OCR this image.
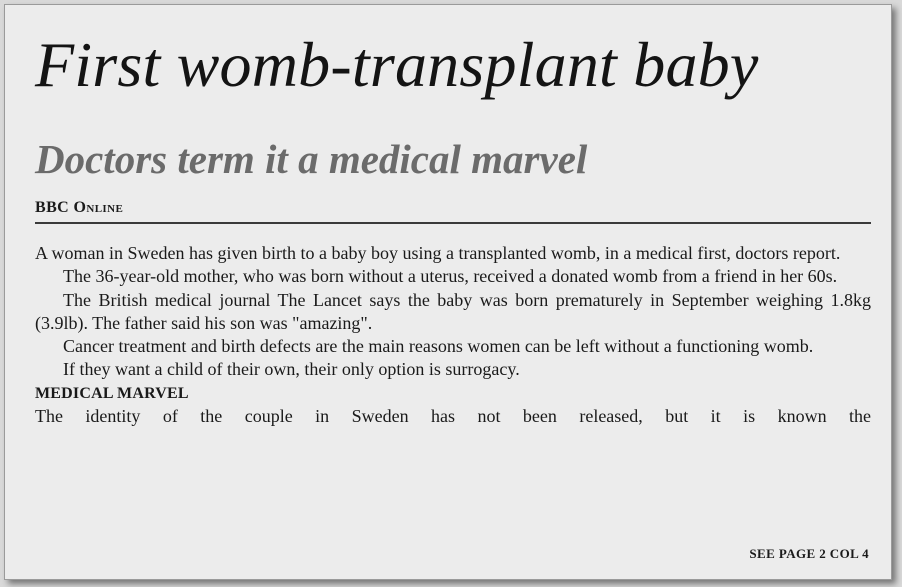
First womb-transplant baby
Doctors term it a medical marvel
BBC Online

A woman in Sweden has given birth to a baby boy using a transplanted womb, in a medical first, doctors report.

The 36-year-old mother, who was born without a uterus, received a donated womb from a friend in her 60s.

The British medical journal The Lancet says the baby was born prematurely in September weighing 1.8kg (3.9lb). The father said his son was "amazing".

Cancer treatment and birth defects are the main reasons women can be left without a functioning womb.

If they want a child of their own, their only option is surrogacy.

MEDICAL MARVEL

The identity of the couple in Sweden has not been released, but it is known the

SEE PAGE 2 COL 4
